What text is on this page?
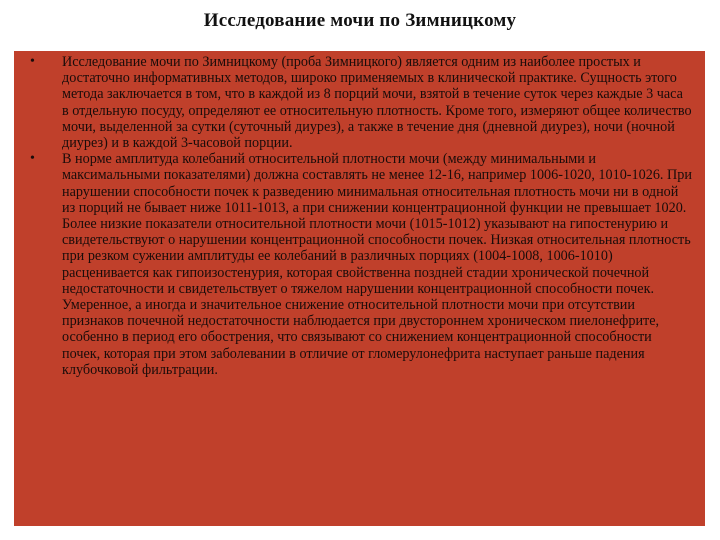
Исследование мочи по Зимницкому
• Исследование мочи по Зимницкому (проба Зимницкого) является одним из наиболее простых и достаточно информативных методов, широко применяемых в клинической практике. Сущность этого метода заключается в том, что в каждой из 8 порций мочи, взятой в течение суток через каждые 3 часа в отдельную посуду, определяют ее относительную плотность. Кроме того, измеряют общее количество мочи, выделенной за сутки (суточный диурез), а также в течение дня (дневной диурез), ночи (ночной диурез) и в каждой 3-часовой порции.
• В норме амплитуда колебаний относительной плотности мочи (между минимальными и максимальными показателями) должна составлять не менее 12-16, например 1006-1020, 1010-1026. При нарушении способности почек к разведению минимальная относительная плотность мочи ни в одной из порций не бывает ниже 1011-1013, а при снижении концентрационной функции не превышает 1020. Более низкие показатели относительной плотности мочи (1015-1012) указывают на гипостенурию и свидетельствуют о нарушении концентрационной способности почек. Низкая относительная плотность при резком сужении амплитуды ее колебаний в различных порциях (1004-1008, 1006-1010) расценивается как гипоизостенурия, которая свойственна поздней стадии хронической почечной недостаточности и свидетельствует о тяжелом нарушении концентрационной способности почек. Умеренное, а иногда и значительное снижение относительной плотности мочи при отсутствии признаков почечной недостаточности наблюдается при двустороннем хроническом пиелонефрите, особенно в период его обострения, что связывают со снижением концентрационной способности почек, которая при этом заболевании в отличие от гломерулонефрита наступает раньше падения клубочковой фильтрации.
